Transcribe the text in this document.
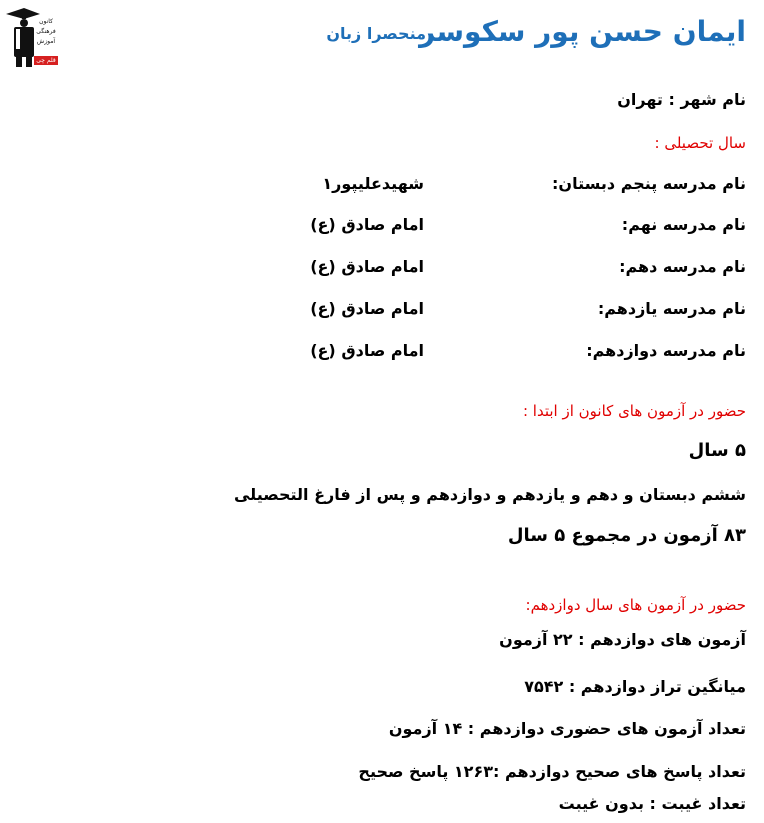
کانون
فرهنگی
آموزش
قلم چی
ایمان حسن پور سکوسر
منحصرا زبان
نام شهر : تهران
سال تحصیلی :
نام مدرسه پنجم دبستان:
شهیدعلیپور۱
نام مدرسه نهم:
امام صادق (ع)
نام مدرسه دهم:
امام صادق (ع)
نام مدرسه یازدهم:
امام صادق (ع)
نام مدرسه دوازدهم:
امام صادق (ع)
حضور در آزمون های کانون از ابتدا :
۵ سال
ششم دبستان و دهم و یازدهم و دوازدهم و پس از فارغ التحصیلی
۸۳ آزمون در مجموع ۵ سال
حضور در آزمون های سال دوازدهم:
آزمون های دوازدهم : ۲۲ آزمون
میانگین تراز دوازدهم : ۷۵۴۲
تعداد آزمون های حضوری دوازدهم : ۱۴ آزمون
تعداد پاسخ های صحیح دوازدهم :۱۲۶۳ پاسخ صحیح
تعداد غیبت : بدون غیبت
